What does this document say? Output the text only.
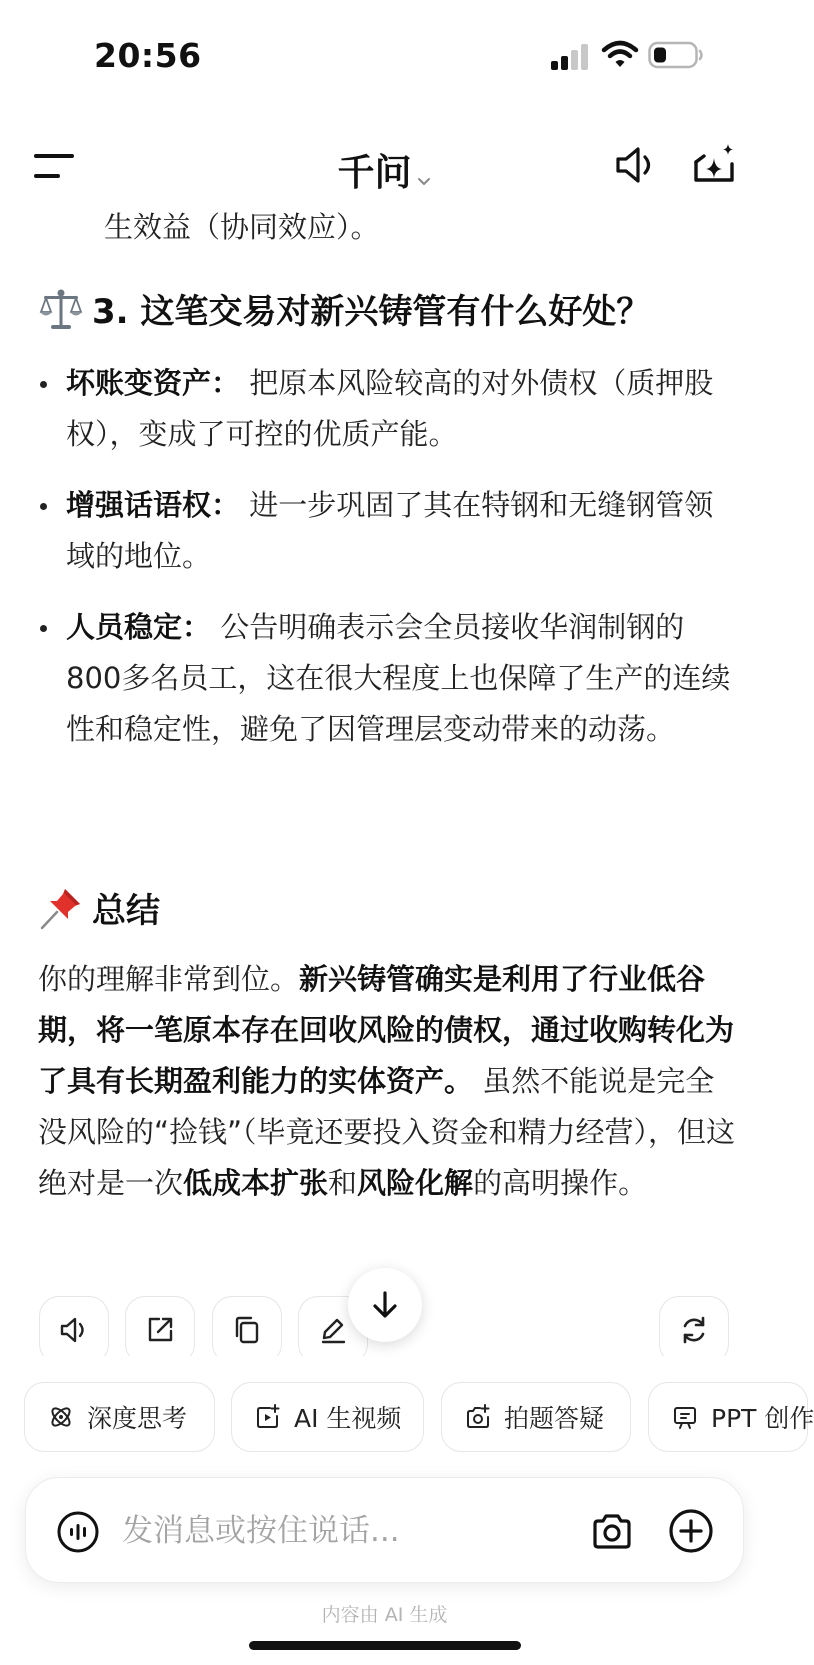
20:56
千问
生效益（协同效应）。
3. 这笔交易对新兴铸管有什么好处？
坏账变资产： 把原本风险较高的对外债权（质押股权），变成了可控的优质产能。
增强话语权： 进一步巩固了其在特钢和无缝钢管领域的地位。
人员稳定： 公告明确表示会全员接收华润制钢的800多名员工，这在很大程度上也保障了生产的连续性和稳定性，避免了因管理层变动带来的动荡。
总结
你的理解非常到位。新兴铸管确实是利用了行业低谷期，将一笔原本存在回收风险的债权，通过收购转化为了具有长期盈利能力的实体资产。 虽然不能说是完全没风险的“捡钱”（毕竟还要投入资金和精力经营），但这绝对是一次低成本扩张和风险化解的高明操作。
深度思考	AI 生视频	拍题答疑	PPT 创作
发消息或按住说话...
内容由 AI 生成
